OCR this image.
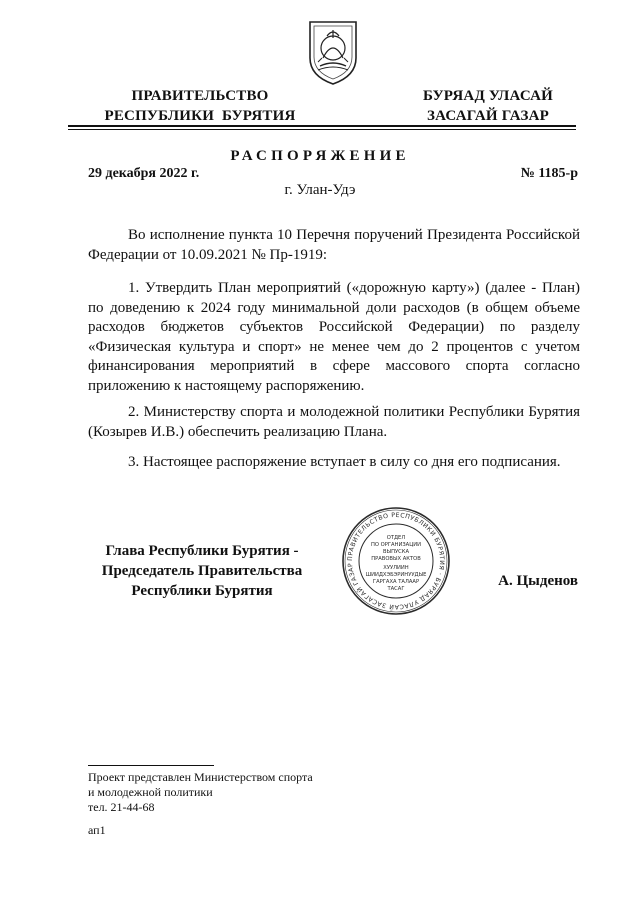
ПРАВИТЕЛЬСТВО
РЕСПУБЛИКИ  БУРЯТИЯ
БУРЯАД УЛАСАЙ
ЗАСАГАЙ ГАЗАР
РАСПОРЯЖЕНИЕ
29 декабря 2022 г.	№ 1185-р
г. Улан-Удэ

Во исполнение пункта 10 Перечня поручений Президента Российской Федерации от 10.09.2021 № Пр-1919:

1. Утвердить План мероприятий («дорожную карту») (далее - План) по доведению к 2024 году минимальной доли расходов (в общем объеме расходов бюджетов субъектов Российской Федерации) по разделу «Физическая культура и спорт» не менее чем до 2 процентов с учетом финансирования мероприятий в сфере массового спорта согласно приложению к настоящему распоряжению.

2. Министерству спорта и молодежной политики Республики Бурятия (Козырев И.В.) обеспечить реализацию Плана.

3. Настоящее распоряжение вступает в силу со дня его подписания.

Глава Республики Бурятия -
Председатель Правительства
Республики Бурятия
ПРАВИТЕЛЬСТВО РЕСПУБЛИКИ БУРЯТИЯ · БУРЯАД УЛАСАЙ ЗАСАГАЙ ГАЗАР
ОТДЕЛ
ПО ОРГАНИЗАЦИИ
ВЫПУСКА
ПРАВОВЫХ АКТОВ
ХУУЛИИН
ШИИДХЭБЭРИНУУДЫЕ
ГАРГАХА ТАЛААР
ТАСАГ	А. Цыденов
Проект представлен Министерством спорта
и молодежной политики
тел. 21-44-68
ап1
